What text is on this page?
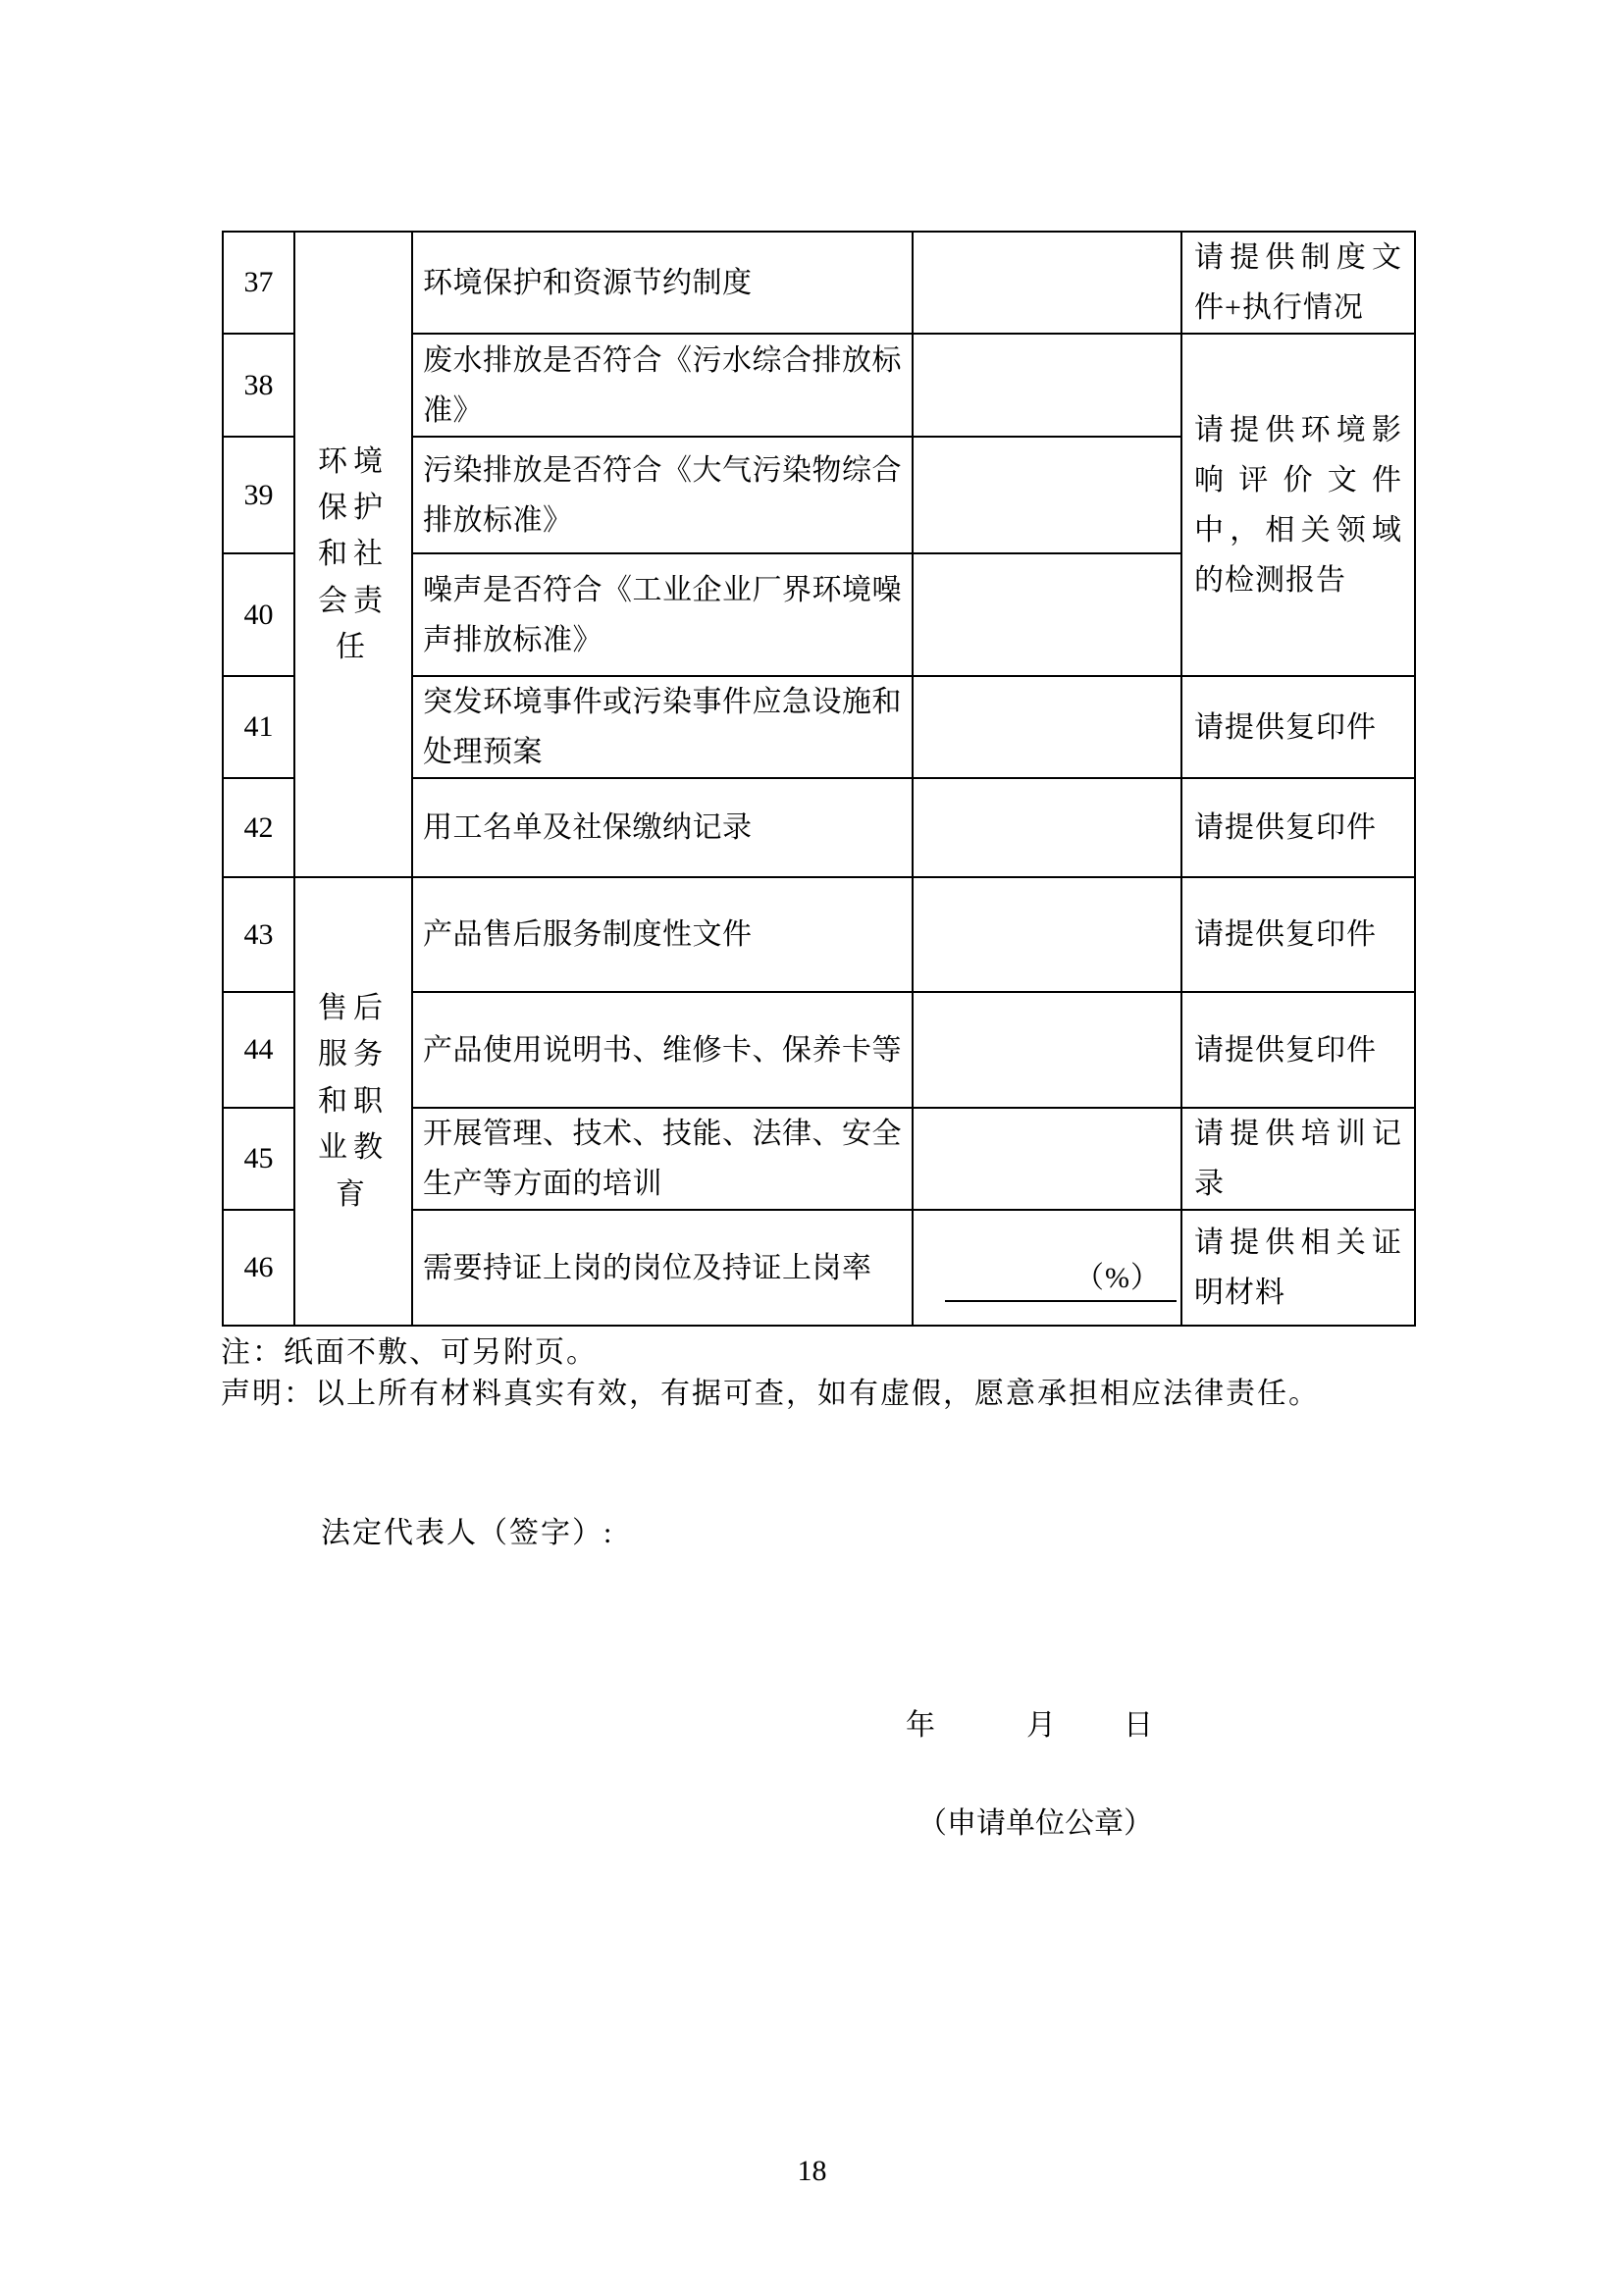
37	环境保护和社会责任	环境保护和资源节约制度		请提供制度文件+执行情况
38		废水排放是否符合《污水综合排放标准》		请提供环境影响评价文件中，相关领域的检测报告
39		污染排放是否符合《大气污染物综合排放标准》		
40		噪声是否符合《工业企业厂界环境噪声排放标准》		
41		突发环境事件或污染事件应急设施和处理预案		请提供复印件
42		用工名单及社保缴纳记录		请提供复印件
43	售后服务和职业教育	产品售后服务制度性文件		请提供复印件
44		产品使用说明书、维修卡、保养卡等		请提供复印件
45		开展管理、技术、技能、法律、安全生产等方面的培训		请提供培训记录
46		需要持证上岗的岗位及持证上岗率	（%）	请提供相关证明材料
注：纸面不敷、可另附页。
声明：以上所有材料真实有效，有据可查，如有虚假，愿意承担相应法律责任。
法定代表人（签字）:
年	月 日
（申请单位公章）
18
